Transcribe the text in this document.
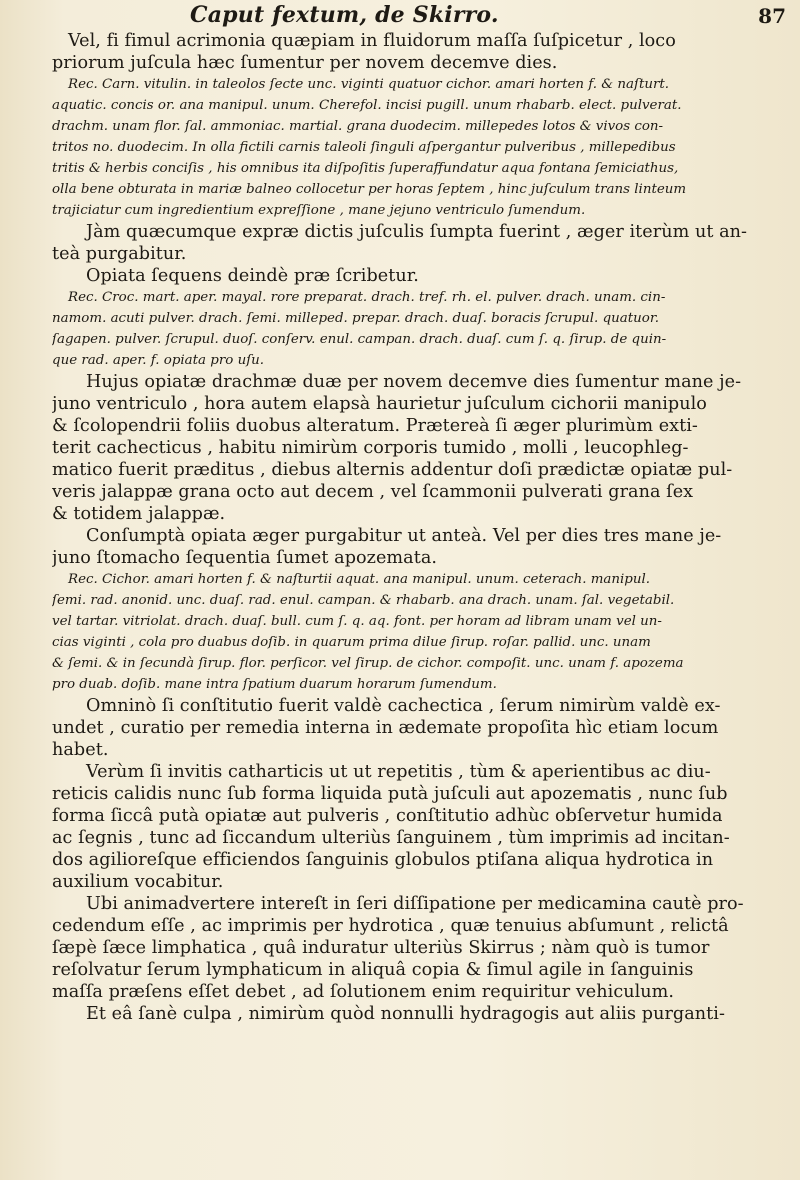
Caput fextum, de Skirro.	87
Vel, fi fimul acrimonia quæpiam in fluidorum maſſa ſuſpicetur , loco
priorum juſcula hæc ſumentur per novem decemve dies.
Rec. Carn. vitulin. in taleolos ſecte unc. viginti quatuor cichor. amari horten f. & naſturt.
aquatic. concis or. ana manipul. unum. Cherefol. incisi pugill. unum rhabarb. elect. pulverat.
drachm. unam flor. ſal. ammoniac. martial. grana duodecim. millepedes lotos & vivos con-
tritos no. duodecim. In olla fictili carnis taleoli ſinguli aſpergantur pulveribus , millepedibus
tritis & herbis conciſis , his omnibus ita diſpoſitis ſuperaffundatur aqua fontana ſemiciathus,
olla bene obturata in mariæ balneo collocetur per horas ſeptem , hinc juſculum trans linteum
trajiciatur cum ingredientium expreſſione , mane jejuno ventriculo ſumendum.
Jàm quæcumque expræ dictis juſculis ſumpta fuerint , æger iterùm ut an-
teà purgabitur.
Opiata ſequens deindè præ ſcribetur.
Rec. Croc. mart. aper. mayal. rore preparat. drach. tref. rh. el. pulver. drach. unam. cin-
namom. acuti pulver. drach. ſemi. milleped. prepar. drach. duaſ. boracis ſcrupul. quatuor.
ſagapen. pulver. ſcrupul. duoſ. conſerv. enul. campan. drach. duaſ. cum ſ. q. ſirup. de quin-
que rad. aper. f. opiata pro uſu.
Hujus opiatæ drachmæ duæ per novem decemve dies ſumentur mane je-
juno ventriculo , hora autem elapsà haurietur juſculum cichorii manipulo
& ſcolopendrii foliis duobus alteratum. Prætereà ſi æger plurimùm exti-
terit cachecticus , habitu nimirùm corporis tumido , molli , leucophleg-
matico fuerit præditus , diebus alternis addentur doſi prædictæ opiatæ pul-
veris jalappæ grana octo aut decem , vel ſcammonii pulverati grana ſex
& totidem jalappæ.
Conſumptà opiata æger purgabitur ut anteà. Vel per dies tres mane je-
juno ſtomacho ſequentia ſumet apozemata.
Rec. Cichor. amari horten f. & naſturtii aquat. ana manipul. unum. ceterach. manipul.
ſemi. rad. anonid. unc. duaſ. rad. enul. campan. & rhabarb. ana drach. unam. ſal. vegetabil.
vel tartar. vitriolat. drach. duaſ. bull. cum ſ. q. aq. font. per horam ad libram unam vel un-
cias viginti , cola pro duabus doſib. in quarum prima dilue ſirup. roſar. pallid. unc. unam
& ſemi. & in ſecundà ſirup. flor. perſicor. vel ſirup. de cichor. compoſit. unc. unam f. apozema
pro duab. doſib. mane intra ſpatium duarum horarum ſumendum.
Omninò ſi conſtitutio fuerit valdè cachectica , ſerum nimirùm valdè ex-
undet , curatio per remedia interna in ædemate propoſita hìc etiam locum
habet.
Verùm ſi invitis catharticis ut ut repetitis , tùm & aperientibus ac diu-
reticis calidis nunc ſub forma liquida putà juſculi aut apozematis , nunc ſub
forma ſiccâ putà opiatæ aut pulveris , conſtitutio adhùc obſervetur humida
ac ſegnis , tunc ad ſiccandum ulteriùs ſanguinem , tùm imprimis ad incitan-
dos agilioreſque efficiendos ſanguinis globulos ptiſana aliqua hydrotica in
auxilium vocabitur.
Ubi animadvertere intereſt in ſeri diſſipatione per medicamina cautè pro-
cedendum eſſe , ac imprimis per hydrotica , quæ tenuius abſumunt , relictâ
ſæpè ſæce limphatica , quâ induratur ulteriùs Skirrus ; nàm quò is tumor
reſolvatur ſerum lymphaticum in aliquâ copia & ſimul agile in ſanguinis
maſſa præſens eſſet debet , ad ſolutionem enim requiritur vehiculum.
Et eâ ſanè culpa , nimirùm quòd nonnulli hydragogis aut aliis purganti-
